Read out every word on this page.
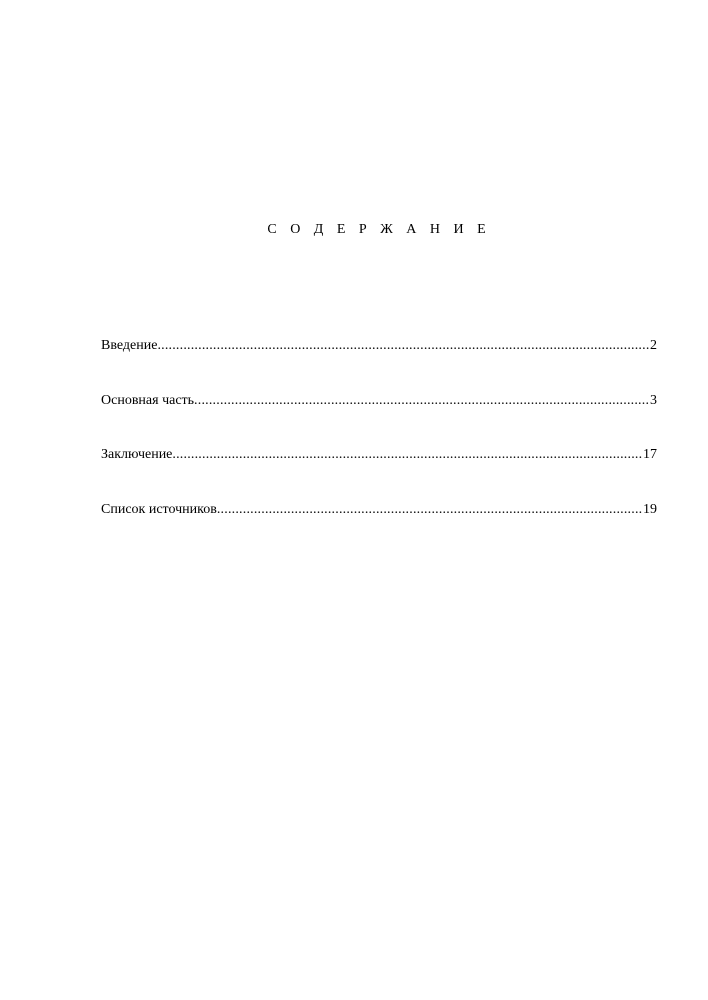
С О Д Е Р Ж А Н И Е
Введение .....	2
Основная часть .....	3
Заключение .....	17
Список источников .....	19
